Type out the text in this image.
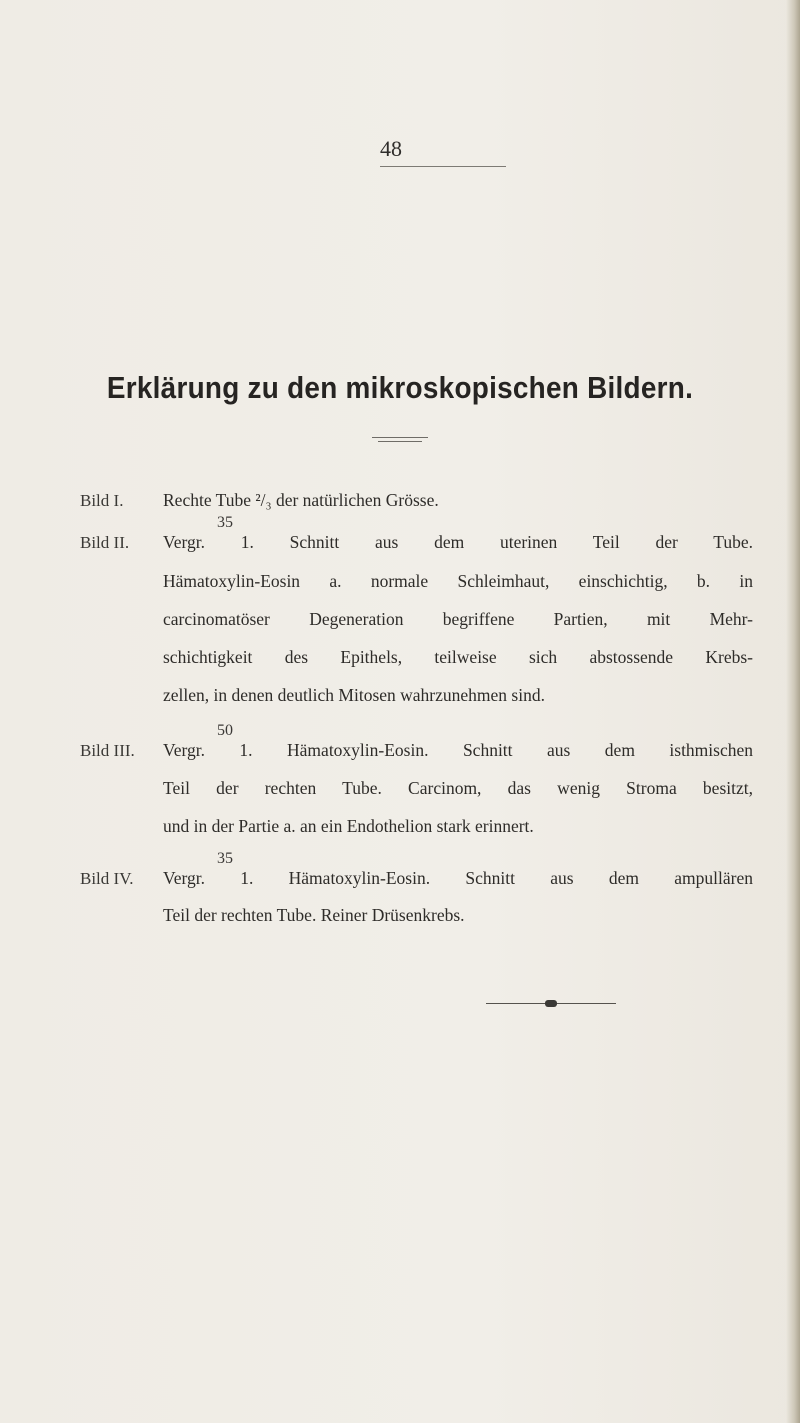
48
Erklärung zu den mikroskopischen Bildern.
Bild I. Rechte Tube ²/₃ der natürlichen Grösse.
Bild II.
35
Vergr. 1. Schnitt aus dem uterinen Teil der Tube.
Hämatoxylin-Eosin a. normale Schleimhaut, einschichtig, b. in
carcinomatöser Degeneration begriffene Partien, mit Mehr-
schichtigkeit des Epithels, teilweise sich abstossende Krebs-
zellen, in denen deutlich Mitosen wahrzunehmen sind.
Bild III.
50
Vergr. 1. Hämatoxylin-Eosin. Schnitt aus dem isthmischen
Teil der rechten Tube. Carcinom, das wenig Stroma besitzt,
und in der Partie a. an ein Endothelion stark erinnert.
Bild IV.
35
Vergr. 1. Hämatoxylin-Eosin. Schnitt aus dem ampullären
Teil der rechten Tube. Reiner Drüsenkrebs.
